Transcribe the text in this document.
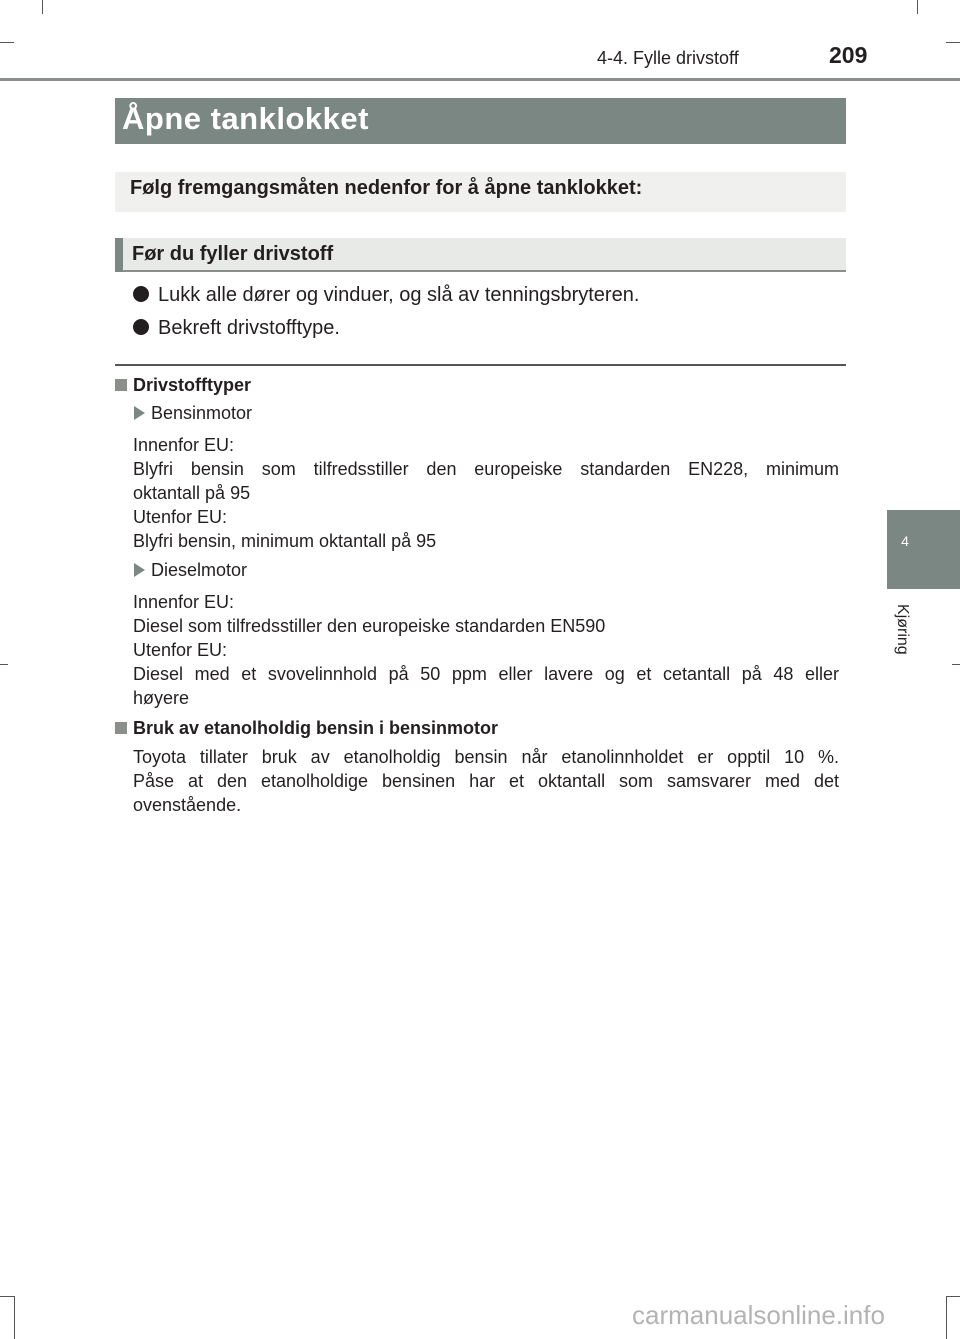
4-4. Fylle drivstoff	209
4
Kjøring
Åpne tanklokket
Følg fremgangsmåten nedenfor for å åpne tanklokket:
Før du fyller drivstoff
Lukk alle dører og vinduer, og slå av tenningsbryteren.
Bekreft drivstofftype.
Drivstofftyper
Bensinmotor
Innenfor EU:
Blyfri bensin som tilfredsstiller den europeiske standarden EN228, minimum
oktantall på 95
Utenfor EU:
Blyfri bensin, minimum oktantall på 95
Dieselmotor
Innenfor EU:
Diesel som tilfredsstiller den europeiske standarden EN590
Utenfor EU:
Diesel med et svovelinnhold på 50 ppm eller lavere og et cetantall på 48 eller
høyere
Bruk av etanolholdig bensin i bensinmotor
Toyota tillater bruk av etanolholdig bensin når etanolinnholdet er opptil 10 %.
Påse at den etanolholdige bensinen har et oktantall som samsvarer med det
ovenstående.
carmanualsonline.info
